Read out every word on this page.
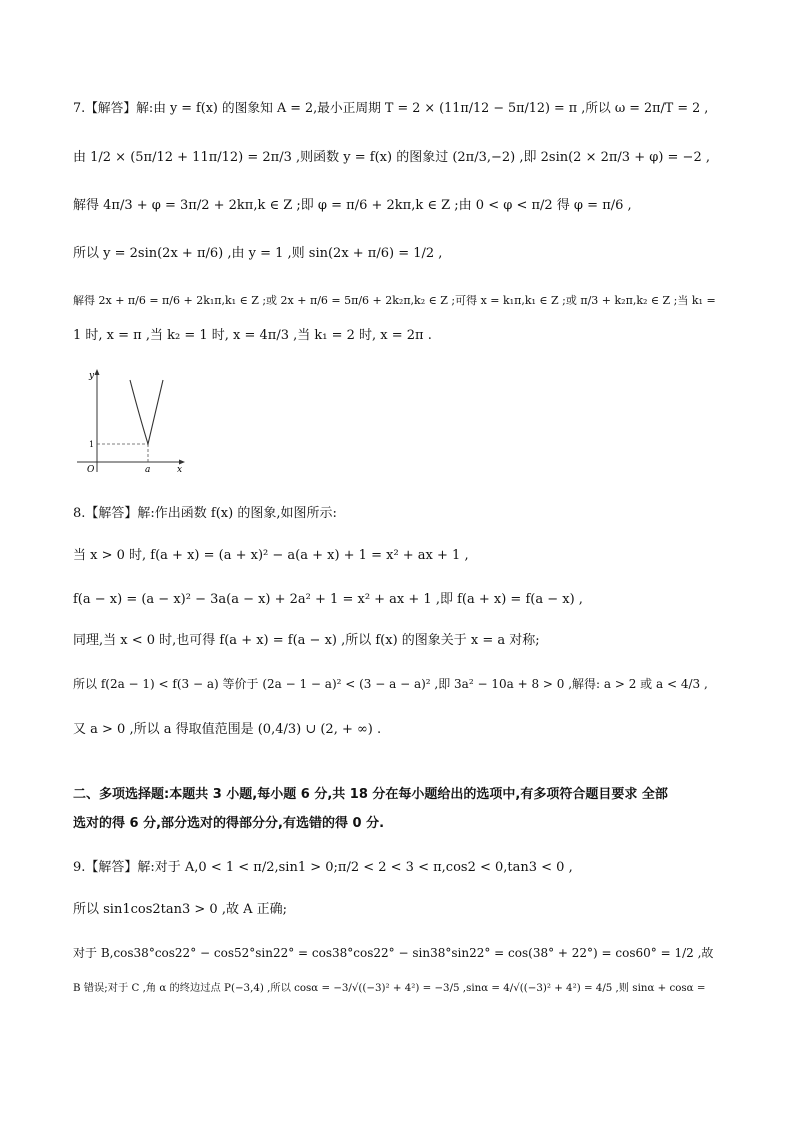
7.【解答】解:由 y = f(x) 的图象知 A = 2,最小正周期 T = 2 × (11π/12 − 5π/12) = π ,所以 ω = 2π/T = 2 ,
由 1/2 × (5π/12 + 11π/12) = 2π/3 ,则函数 y = f(x) 的图象过 (2π/3,−2) ,即 2sin(2 × 2π/3 + φ) = −2 ,
解得 4π/3 + φ = 3π/2 + 2kπ,k ∈ Z ;即 φ = π/6 + 2kπ,k ∈ Z ;由 0 < φ < π/2 得 φ = π/6 ,
所以 y = 2sin(2x + π/6) ,由 y = 1 ,则 sin(2x + π/6) = 1/2 ,
解得 2x + π/6 = π/6 + 2k₁π,k₁ ∈ Z ;或 2x + π/6 = 5π/6 + 2k₂π,k₂ ∈ Z ;可得 x = k₁π,k₁ ∈ Z ;或 π/3 + k₂π,k₂ ∈ Z ;当 k₁ =
1 时, x = π ,当 k₂ = 1 时, x = 4π/3 ,当 k₁ = 2 时, x = 2π .
y
x
O
1
a
8.【解答】解:作出函数 f(x) 的图象,如图所示:
当 x > 0 时, f(a + x) = (a + x)² − a(a + x) + 1 = x² + ax + 1 ,
f(a − x) = (a − x)² − 3a(a − x) + 2a² + 1 = x² + ax + 1 ,即 f(a + x) = f(a − x) ,
同理,当 x < 0 时,也可得 f(a + x) = f(a − x) ,所以 f(x) 的图象关于 x = a 对称;
所以 f(2a − 1) < f(3 − a) 等价于 (2a − 1 − a)² < (3 − a − a)² ,即 3a² − 10a + 8 > 0 ,解得: a > 2 或 a < 4/3 ,
又 a > 0 ,所以 a 得取值范围是 (0,4/3) ∪ (2, + ∞) .
二、多项选择题:本题共 3 小题,每小题 6 分,共 18 分在每小题给出的选项中,有多项符合题目要求 全部
选对的得 6 分,部分选对的得部分分,有选错的得 0 分.
9.【解答】解:对于 A,0 < 1 < π/2,sin1 > 0;π/2 < 2 < 3 < π,cos2 < 0,tan3 < 0 ,
所以 sin1cos2tan3 > 0 ,故 A 正确;
对于 B,cos38°cos22° − cos52°sin22° = cos38°cos22° − sin38°sin22° = cos(38° + 22°) = cos60° = 1/2 ,故
B 错误;对于 C ,角 α 的终边过点 P(−3,4) ,所以 cosα = −3/√((−3)² + 4²) = −3/5 ,sinα = 4/√((−3)² + 4²) = 4/5 ,则 sinα + cosα =
